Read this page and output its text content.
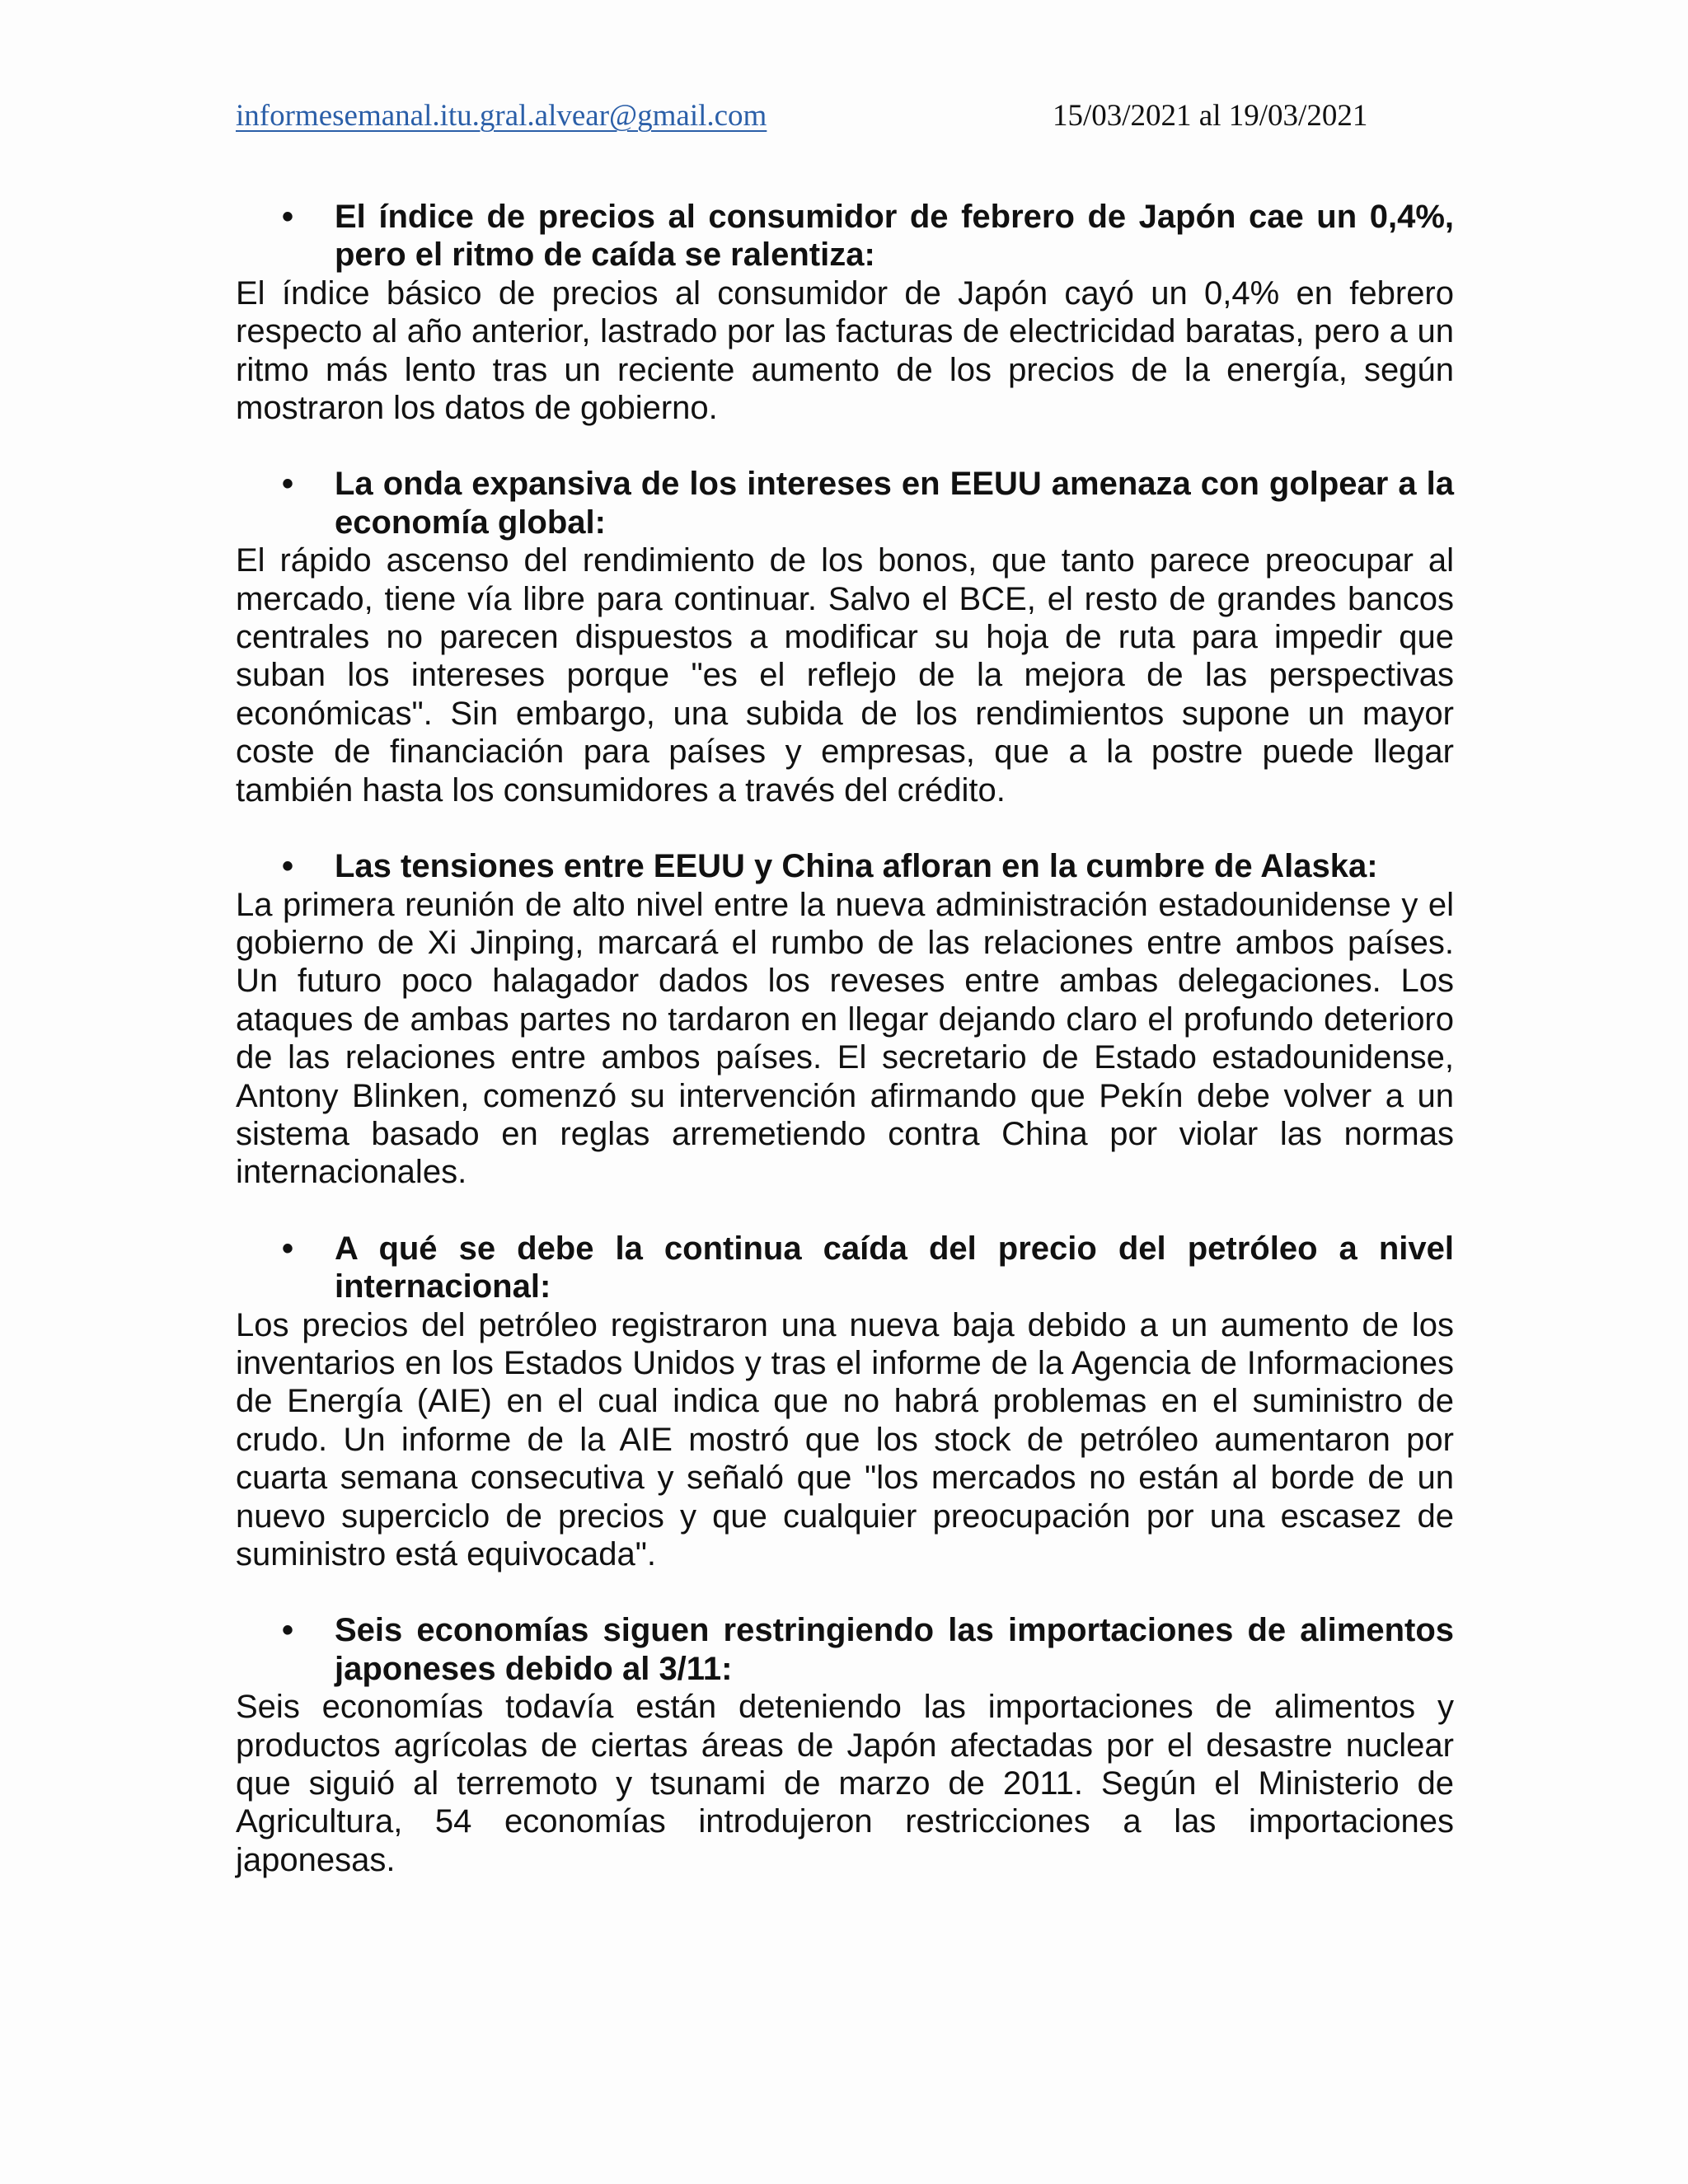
informesemanal.itu.gral.alvear@gmail.com	15/03/2021 al 19/03/2021

• El índice de precios al consumidor de febrero de Japón cae un 0,4%, pero el ritmo de caída se ralentiza:

El índice básico de precios al consumidor de Japón cayó un 0,4% en febrero respecto al año anterior, lastrado por las facturas de electricidad baratas, pero a un ritmo más lento tras un reciente aumento de los precios de la energía, según mostraron los datos de gobierno.

• La onda expansiva de los intereses en EEUU amenaza con golpear a la economía global:

El rápido ascenso del rendimiento de los bonos, que tanto parece preocupar al mercado, tiene vía libre para continuar. Salvo el BCE, el resto de grandes bancos centrales no parecen dispuestos a modificar su hoja de ruta para impedir que suban los intereses porque "es el reflejo de la mejora de las perspectivas económicas". Sin embargo, una subida de los rendimientos supone un mayor coste de financiación para países y empresas, que a la postre puede llegar también hasta los consumidores a través del crédito.

• Las tensiones entre EEUU y China afloran en la cumbre de Alaska:

La primera reunión de alto nivel entre la nueva administración estadounidense y el gobierno de Xi Jinping, marcará el rumbo de las relaciones entre ambos países. Un futuro poco halagador dados los reveses entre ambas delegaciones. Los ataques de ambas partes no tardaron en llegar dejando claro el profundo deterioro de las relaciones entre ambos países. El secretario de Estado estadounidense, Antony Blinken, comenzó su intervención afirmando que Pekín debe volver a un sistema basado en reglas arremetiendo contra China por violar las normas internacionales.

• A qué se debe la continua caída del precio del petróleo a nivel internacional:

Los precios del petróleo registraron una nueva baja debido a un aumento de los inventarios en los Estados Unidos y tras el informe de la Agencia de Informaciones de Energía (AIE) en el cual indica que no habrá problemas en el suministro de crudo. Un informe de la AIE mostró que los stock de petróleo aumentaron por cuarta semana consecutiva y señaló que "los mercados no están al borde de un nuevo superciclo de precios y que cualquier preocupación por una escasez de suministro está equivocada".

• Seis economías siguen restringiendo las importaciones de alimentos japoneses debido al 3/11:

Seis economías todavía están deteniendo las importaciones de alimentos y productos agrícolas de ciertas áreas de Japón afectadas por el desastre nuclear que siguió al terremoto y tsunami de marzo de 2011. Según el Ministerio de Agricultura, 54 economías introdujeron restricciones a las importaciones japonesas.
